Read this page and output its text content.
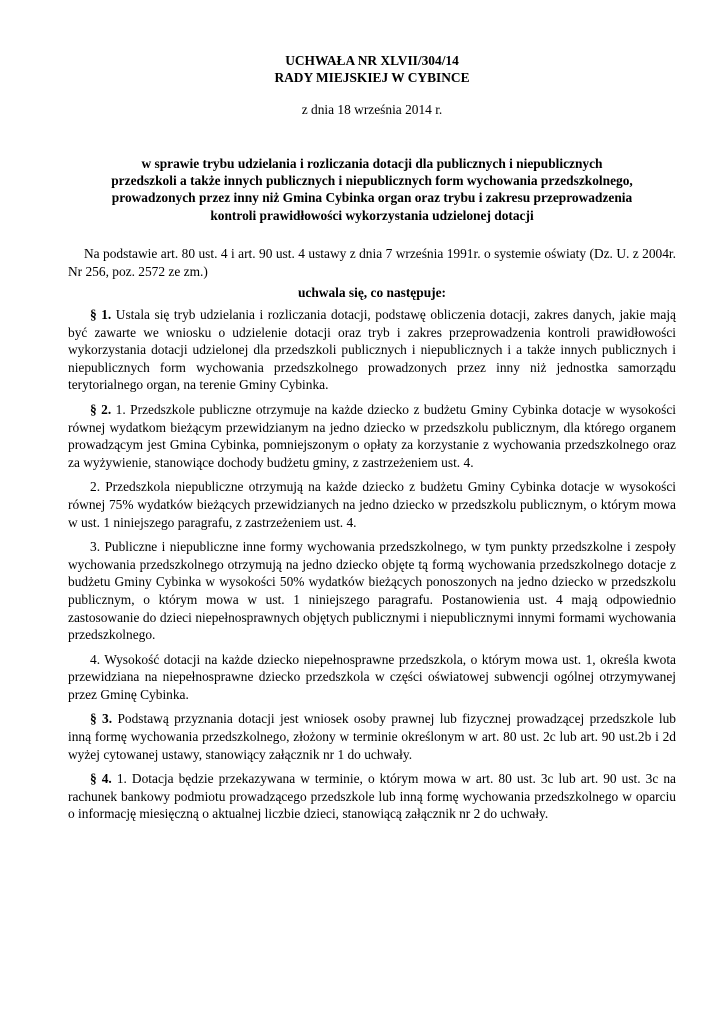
UCHWAŁA NR XLVII/304/14
RADY MIEJSKIEJ W CYBINCE
z dnia 18 września 2014 r.
w sprawie trybu udzielania i rozliczania dotacji dla publicznych i niepublicznych
przedszkoli a także innych publicznych i niepublicznych form wychowania przedszkolnego,
prowadzonych przez inny niż Gmina Cybinka organ oraz trybu i zakresu przeprowadzenia
kontroli prawidłowości wykorzystania udzielonej dotacji
Na podstawie art. 80 ust. 4 i art. 90 ust. 4 ustawy z dnia 7 września 1991r. o systemie oświaty (Dz. U. z 2004r. Nr 256, poz. 2572 ze zm.)
uchwala się, co następuje:
§ 1. Ustala się tryb udzielania i rozliczania dotacji, podstawę obliczenia dotacji, zakres danych, jakie mają być zawarte we wniosku o udzielenie dotacji oraz tryb i zakres przeprowadzenia kontroli prawidłowości wykorzystania dotacji udzielonej dla przedszkoli publicznych i niepublicznych i a także innych publicznych i niepublicznych form wychowania przedszkolnego prowadzonych przez inny niż jednostka samorządu terytorialnego organ, na terenie Gminy Cybinka.
§ 2. 1. Przedszkole publiczne otrzymuje na każde dziecko z budżetu Gminy Cybinka dotacje w wysokości równej wydatkom bieżącym przewidzianym na jedno dziecko w przedszkolu publicznym, dla którego organem prowadzącym jest Gmina Cybinka, pomniejszonym o opłaty za korzystanie z wychowania przedszkolnego oraz za wyżywienie, stanowiące dochody budżetu gminy, z zastrzeżeniem ust. 4.
2. Przedszkola niepubliczne otrzymują na każde dziecko z budżetu Gminy Cybinka dotacje w wysokości równej 75% wydatków bieżących przewidzianych na jedno dziecko w przedszkolu publicznym, o którym mowa w ust. 1 niniejszego paragrafu, z zastrzeżeniem ust. 4.
3. Publiczne i niepubliczne inne formy wychowania przedszkolnego, w tym punkty przedszkolne i zespoły wychowania przedszkolnego otrzymują na jedno dziecko objęte tą formą wychowania przedszkolnego dotacje z budżetu Gminy Cybinka w wysokości 50% wydatków bieżących ponoszonych na jedno dziecko w przedszkolu publicznym, o którym mowa w ust. 1 niniejszego paragrafu. Postanowienia ust. 4 mają odpowiednio zastosowanie do dzieci niepełnosprawnych objętych publicznymi i niepublicznymi innymi formami wychowania przedszkolnego.
4. Wysokość dotacji na każde dziecko niepełnosprawne przedszkola, o którym mowa ust. 1, określa kwota przewidziana na niepełnosprawne dziecko przedszkola w części oświatowej subwencji ogólnej otrzymywanej przez Gminę Cybinka.
§ 3. Podstawą przyznania dotacji jest wniosek osoby prawnej lub fizycznej prowadzącej przedszkole lub inną formę wychowania przedszkolnego, złożony w terminie określonym w art. 80 ust. 2c lub art. 90 ust.2b i 2d wyżej cytowanej ustawy, stanowiący załącznik nr 1 do uchwały.
§ 4. 1. Dotacja będzie przekazywana w terminie, o którym mowa w art. 80 ust. 3c lub art. 90 ust. 3c na rachunek bankowy podmiotu prowadzącego przedszkole lub inną formę wychowania przedszkolnego w oparciu o informację miesięczną o aktualnej liczbie dzieci, stanowiącą załącznik nr 2 do uchwały.
